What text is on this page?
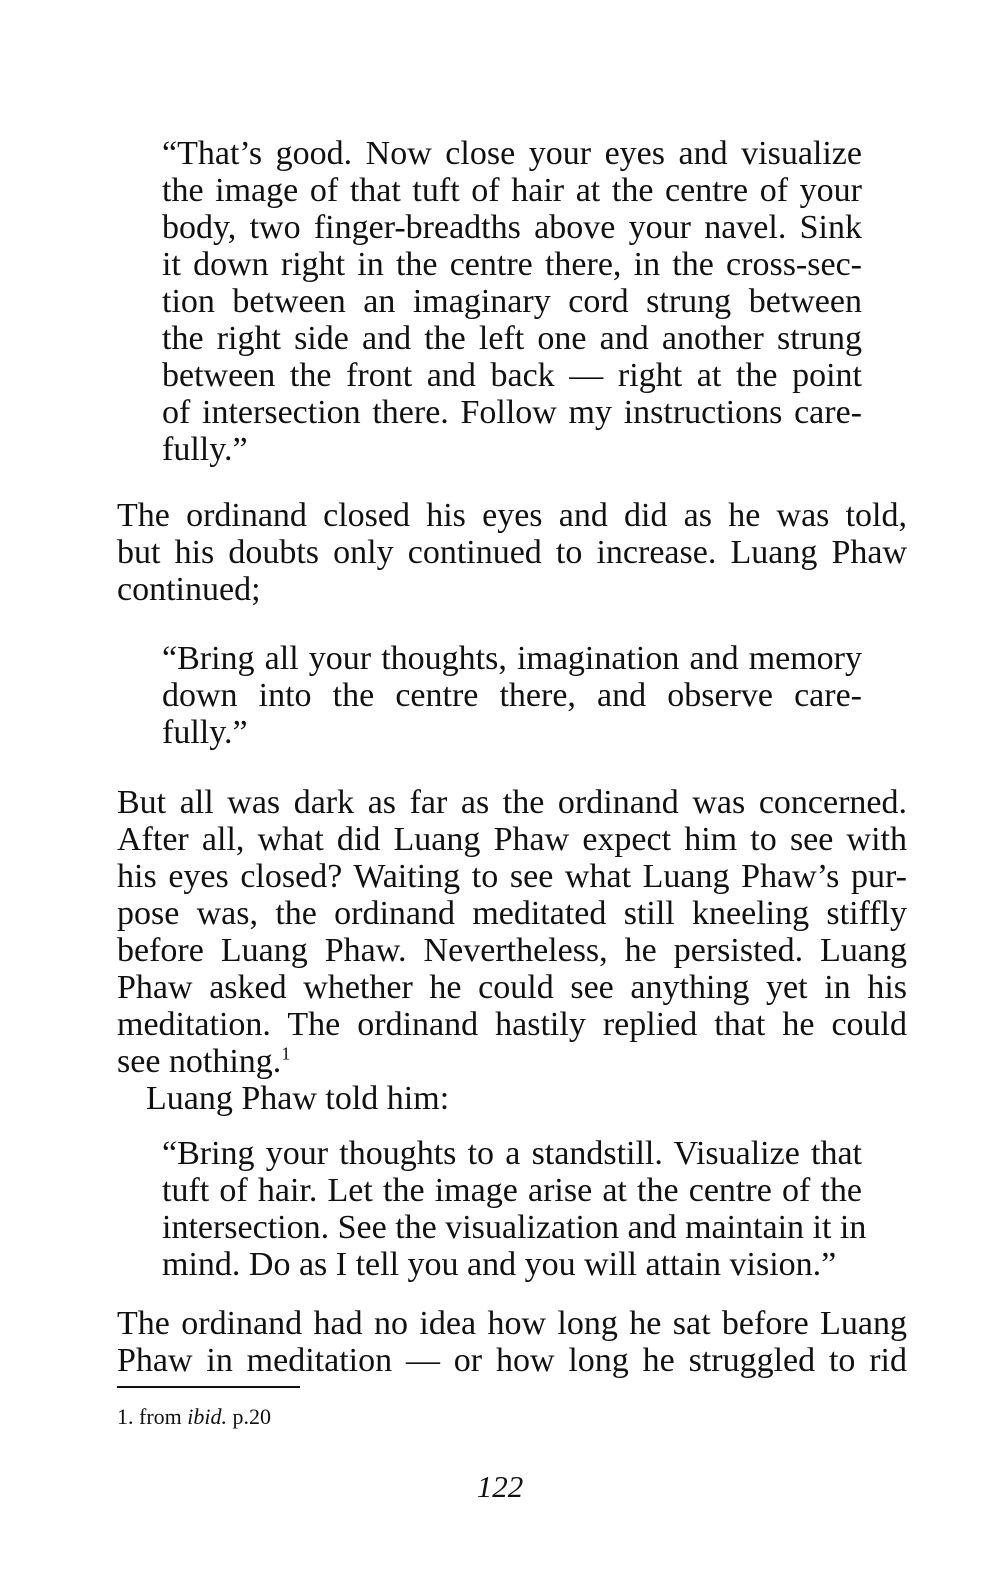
“That’s good. Now close your eyes and visualize
the image of that tuft of hair at the centre of your
body, two finger-breadths above your navel. Sink
it down right in the centre there, in the cross-sec-
tion between an imaginary cord strung between
the right side and the left one and another strung
between the front and back — right at the point
of intersection there. Follow my instructions care-
fully.”
The ordinand closed his eyes and did as he was told,
but his doubts only continued to increase. Luang Phaw
continued;
“Bring all your thoughts, imagination and memory
down into the centre there, and observe care-
fully.”
But all was dark as far as the ordinand was concerned.
After all, what did Luang Phaw expect him to see with
his eyes closed? Waiting to see what Luang Phaw’s pur-
pose was, the ordinand meditated still kneeling stiffly
before Luang Phaw. Nevertheless, he persisted. Luang
Phaw asked whether he could see anything yet in his
meditation. The ordinand hastily replied that he could
see nothing.$^1$
Luang Phaw told him:
“Bring your thoughts to a standstill. Visualize that
tuft of hair. Let the image arise at the centre of the
intersection. See the visualization and maintain it in
mind. Do as I tell you and you will attain vision.”
The ordinand had no idea how long he sat before Luang
Phaw in meditation — or how long he struggled to rid
1. from ibid. p.20
122
